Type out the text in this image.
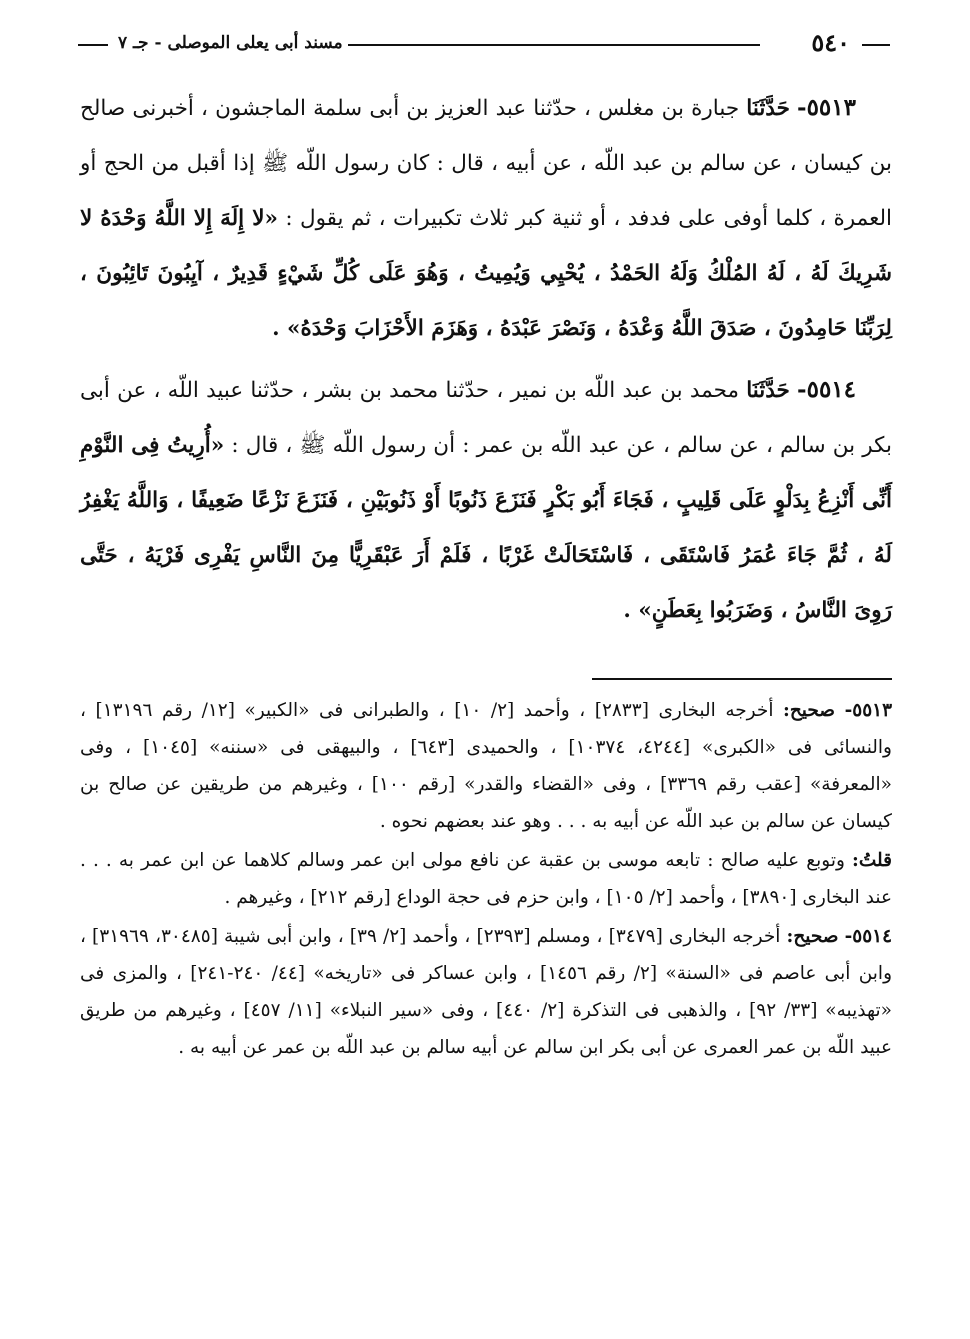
٥٤٠
مسند أبى يعلى الموصلى - جـ ٧

٥٥١٣- حَدَّثَنَا جبارة بن مغلس ، حدّثنا عبد العزيز بن أبى سلمة الماجشون ، أخبرنى صالح بن كيسان ، عن سالم بن عبد اللّه ، عن أبيه ، قال : كان رسول اللّه ﷺ إذا أقبل من الحج أو العمرة ، كلما أوفى على فدفد ، أو ثنية كبر ثلاث تكبيرات ، ثم يقول : «لا إِلَهَ إِلا اللَّهُ وَحْدَهُ لا شَرِيكَ لَهُ ، لَهُ المُلْكُ وَلَهُ الحَمْدُ ، يُحْيِي وَيُمِيتُ ، وَهُوَ عَلَى كُلِّ شَيْءٍ قَدِيرٌ ، آيِبُونَ تَائِبُونَ ، لِرَبِّنَا حَامِدُونَ ، صَدَقَ اللَّهُ وَعْدَهُ ، وَنَصْرَ عَبْدَهُ ، وَهَزَمَ الأَحْزَابَ وَحْدَهُ» .

٥٥١٤- حَدَّثَنَا محمد بن عبد اللّه بن نمير ، حدّثنا محمد بن بشر ، حدّثنا عبيد اللّه ، عن أبى بكر بن سالم ، عن سالم ، عن عبد اللّه بن عمر : أن رسول اللّه ﷺ ، قال : «أُرِيتُ فِى النَّوْمِ أَنِّى أَنْزِعُ بِدَلْوٍ عَلَى قَلِيبٍ ، فَجَاءَ أَبُو بَكْرٍ فَنَزَعَ ذَنُوبًا أَوْ ذَنُوبَيْنِ ، فَنَزَعَ نَزْعًا ضَعِيفًا ، وَاللَّهُ يَغْفِرُ لَهُ ، ثُمَّ جَاءَ عُمَرُ فَاسْتَقَى ، فَاسْتَحَالَتْ غَرْبًا ، فَلَمْ أَرَ عَبْقَرِيًّا مِنَ النَّاسِ يَفْرِى فَرْيَهُ ، حَتَّى رَوِىَ النَّاسُ ، وَضَرَبُوا بِعَطَنٍ» .

٥٥١٣- صحيح: أخرجه البخارى [٢٨٣٣] ، وأحمد [٢/ ١٠] ، والطبرانى فى «الكبير» [١٢/ رقم ١٣١٩٦] ، والنسائى فى «الكبرى» [٤٢٤٤، ١٠٣٧٤] ، والحميدى [٦٤٣] ، والبيهقى فى «سننه» [١٠٤٥] ، وفى «المعرفة» [عقب رقم ٣٣٦٩] ، وفى «القضاء والقدر» [رقم ١٠٠] ، وغيرهم من طريقين عن صالح بن كيسان عن سالم بن عبد اللّه عن أبيه به . . . وهو عند بعضهم نحوه .

قلتُ: وتوبع عليه صالح : تابعه موسى بن عقبة عن نافع مولى ابن عمر وسالم كلاهما عن ابن عمر به . . . عند البخارى [٣٨٩٠] ، وأحمد [٢/ ١٠٥] ، وابن حزم فى حجة الوداع [رقم ٢١٢] ، وغيرهم .

٥٥١٤- صحيح: أخرجه البخارى [٣٤٧٩] ، ومسلم [٢٣٩٣] ، وأحمد [٢/ ٣٩] ، وابن أبى شيبة [٣٠٤٨٥، ٣١٩٦٩] ، وابن أبى عاصم فى «السنة» [٢/ رقم ١٤٥٦] ، وابن عساكر فى «تاريخه» [٤٤/ ٢٤٠-٢٤١] ، والمزى فى «تهذيبه» [٣٣/ ٩٢] ، والذهبى فى التذكرة [٢/ ٤٤٠] ، وفى «سير النبلاء» [١١/ ٤٥٧] ، وغيرهم من طريق عبيد اللّه بن عمر العمرى عن أبى بكر ابن سالم عن أبيه سالم بن عبد اللّه بن عمر عن أبيه به .
